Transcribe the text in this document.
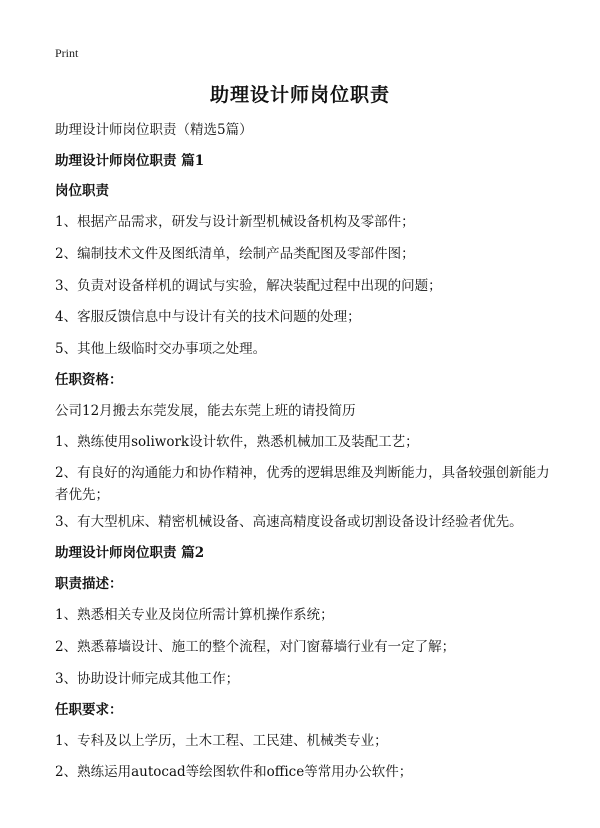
Print
助理设计师岗位职责
助理设计师岗位职责（精选5篇）
助理设计师岗位职责 篇1
岗位职责
1、根据产品需求，研发与设计新型机械设备机构及零部件；
2、编制技术文件及图纸清单，绘制产品类配图及零部件图；
3、负责对设备样机的调试与实验，解决装配过程中出现的问题；
4、客服反馈信息中与设计有关的技术问题的处理；
5、其他上级临时交办事项之处理。
任职资格：
公司12月搬去东莞发展，能去东莞上班的请投简历
1、熟练使用soliwork设计软件，熟悉机械加工及装配工艺；
2、有良好的沟通能力和协作精神，优秀的逻辑思维及判断能力，具备较强创新能力者优先；
3、有大型机床、精密机械设备、高速高精度设备或切割设备设计经验者优先。
助理设计师岗位职责 篇2
职责描述：
1、熟悉相关专业及岗位所需计算机操作系统；
2、熟悉幕墙设计、施工的整个流程，对门窗幕墙行业有一定了解；
3、协助设计师完成其他工作；
任职要求：
1、专科及以上学历，土木工程、工民建、机械类专业；
2、熟练运用autocad等绘图软件和office等常用办公软件；
